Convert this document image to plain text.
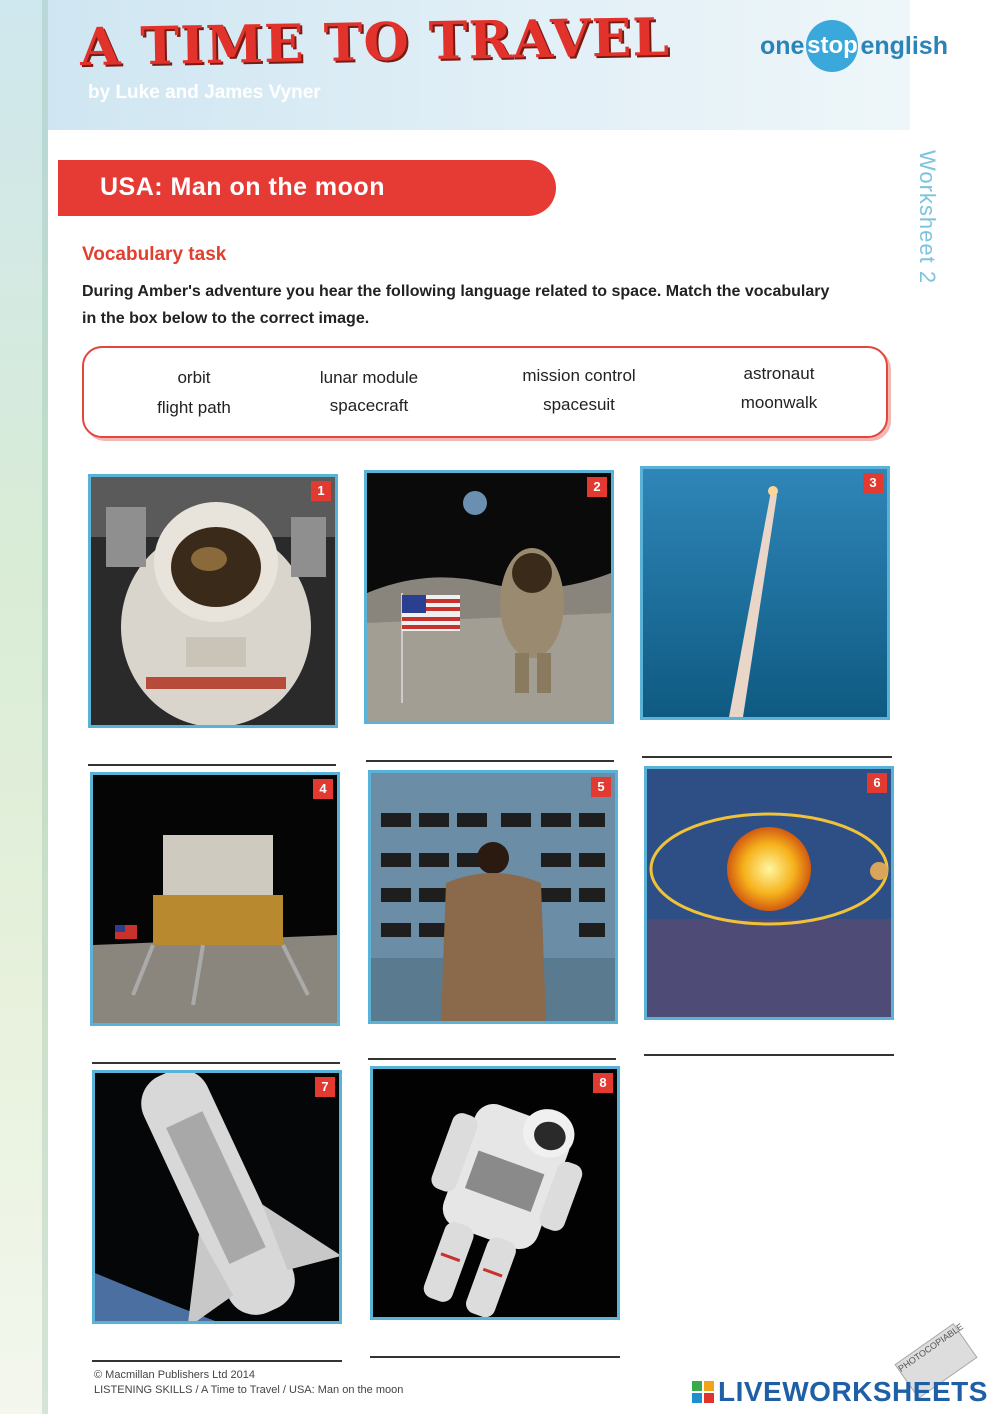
A TIME TO TRAVEL
by Luke and James Vyner
one stop english
Worksheet 2
USA: Man on the moon
Vocabulary task
During Amber's adventure you hear the following language related to space. Match the vocabulary in the box below to the correct image.
orbit	lunar module	mission control	astronaut
flight path	spacecraft	spacesuit	moonwalk
1	2	3
4	5	6
7	8
© Macmillan Publishers Ltd 2014
LISTENING SKILLS / A Time to Travel / USA: Man on the moon
PHOTOCOPIABLE
LIVEWORKSHEETS
